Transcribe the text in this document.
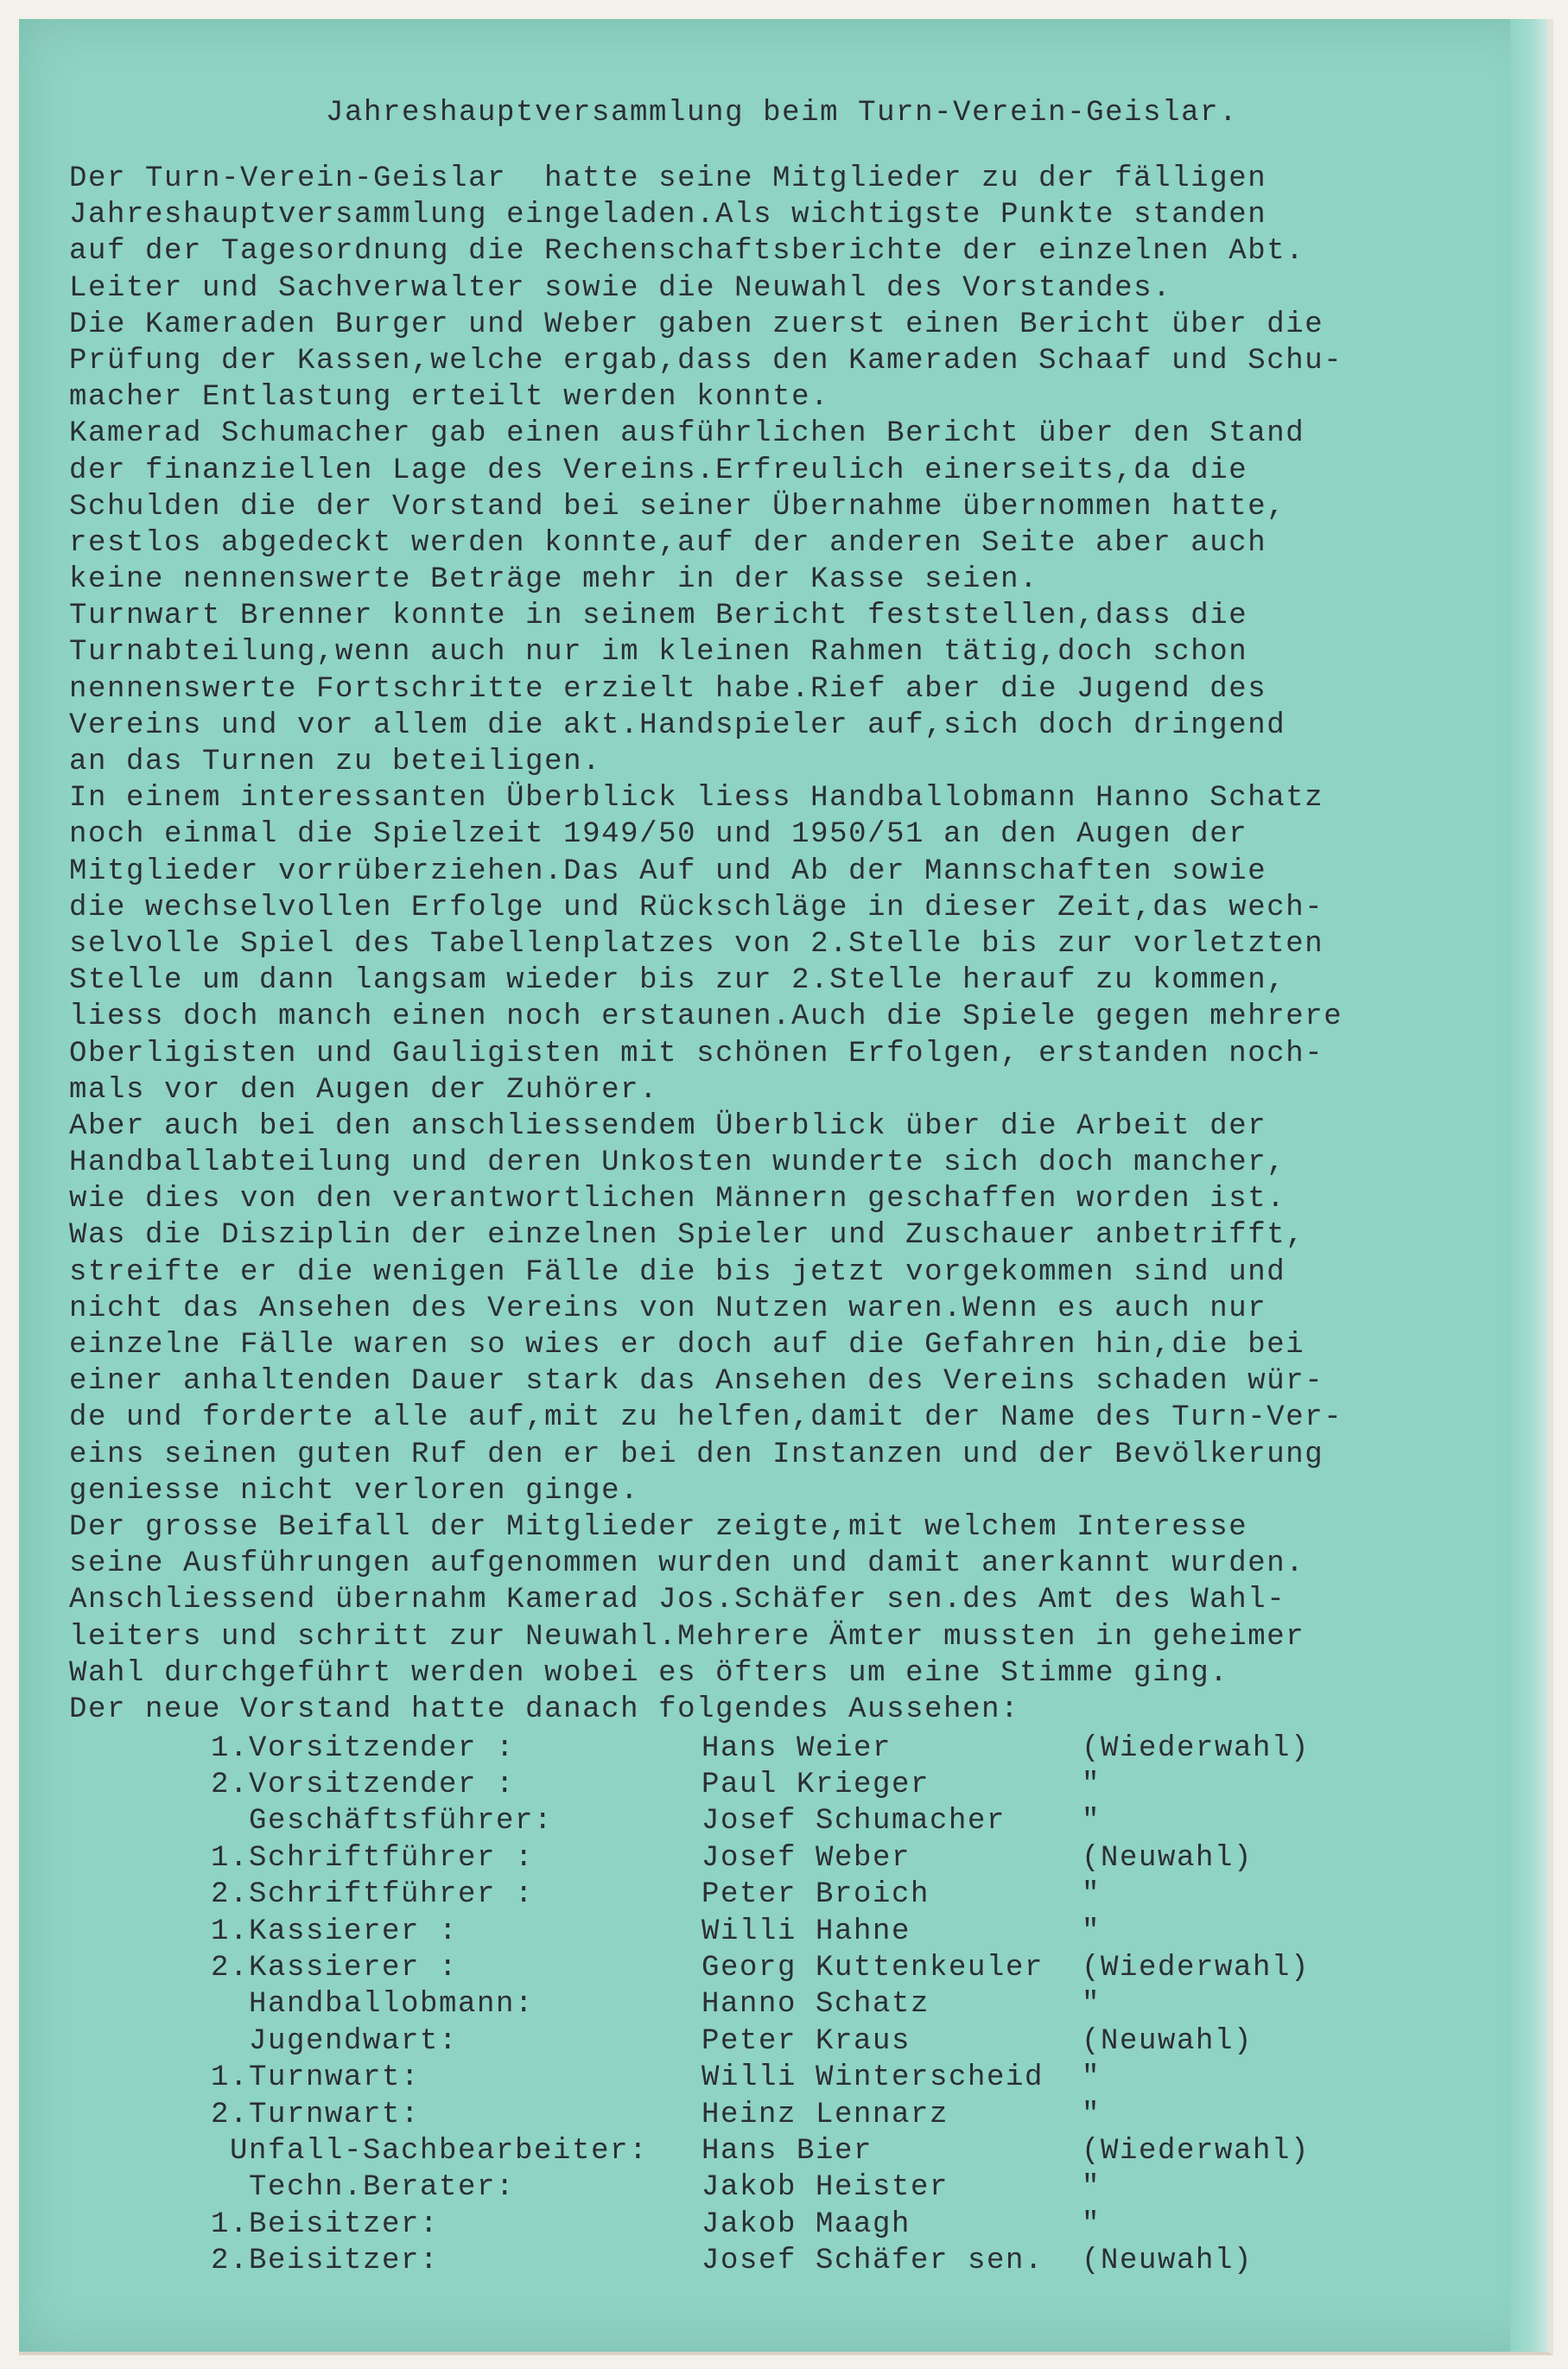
Jahreshauptversammlung beim Turn-Verein-Geislar.
Der Turn-Verein-Geislar  hatte seine Mitglieder zu der fälligen
Jahreshauptversammlung eingeladen.Als wichtigste Punkte standen
auf der Tagesordnung die Rechenschaftsberichte der einzelnen Abt.
Leiter und Sachverwalter sowie die Neuwahl des Vorstandes.
Die Kameraden Burger und Weber gaben zuerst einen Bericht über die
Prüfung der Kassen,welche ergab,dass den Kameraden Schaaf und Schu-
macher Entlastung erteilt werden konnte.
Kamerad Schumacher gab einen ausführlichen Bericht über den Stand
der finanziellen Lage des Vereins.Erfreulich einerseits,da die
Schulden die der Vorstand bei seiner Übernahme übernommen hatte,
restlos abgedeckt werden konnte,auf der anderen Seite aber auch
keine nennenswerte Beträge mehr in der Kasse seien.
Turnwart Brenner konnte in seinem Bericht feststellen,dass die
Turnabteilung,wenn auch nur im kleinen Rahmen tätig,doch schon
nennenswerte Fortschritte erzielt habe.Rief aber die Jugend des
Vereins und vor allem die akt.Handspieler auf,sich doch dringend
an das Turnen zu beteiligen.
In einem interessanten Überblick liess Handballobmann Hanno Schatz
noch einmal die Spielzeit 1949/50 und 1950/51 an den Augen der
Mitglieder vorrüberziehen.Das Auf und Ab der Mannschaften sowie
die wechselvollen Erfolge und Rückschläge in dieser Zeit,das wech-
selvolle Spiel des Tabellenplatzes von 2.Stelle bis zur vorletzten
Stelle um dann langsam wieder bis zur 2.Stelle herauf zu kommen,
liess doch manch einen noch erstaunen.Auch die Spiele gegen mehrere
Oberligisten und Gauligisten mit schönen Erfolgen, erstanden noch-
mals vor den Augen der Zuhörer.
Aber auch bei den anschliessendem Überblick über die Arbeit der
Handballabteilung und deren Unkosten wunderte sich doch mancher,
wie dies von den verantwortlichen Männern geschaffen worden ist.
Was die Disziplin der einzelnen Spieler und Zuschauer anbetrifft,
streifte er die wenigen Fälle die bis jetzt vorgekommen sind und
nicht das Ansehen des Vereins von Nutzen waren.Wenn es auch nur
einzelne Fälle waren so wies er doch auf die Gefahren hin,die bei
einer anhaltenden Dauer stark das Ansehen des Vereins schaden wür-
de und forderte alle auf,mit zu helfen,damit der Name des Turn-Ver-
eins seinen guten Ruf den er bei den Instanzen und der Bevölkerung
geniesse nicht verloren ginge.
Der grosse Beifall der Mitglieder zeigte,mit welchem Interesse
seine Ausführungen aufgenommen wurden und damit anerkannt wurden.
Anschliessend übernahm Kamerad Jos.Schäfer sen.des Amt des Wahl-
leiters und schritt zur Neuwahl.Mehrere Ämter mussten in geheimer
Wahl durchgeführt werden wobei es öfters um eine Stimme ging.
Der neue Vorstand hatte danach folgendes Aussehen:
1.Vorsitzender :	Hans Weier	(Wiederwahl)
2.Vorsitzender :	Paul Krieger	"
Geschäftsführer:	Josef Schumacher	"
1.Schriftführer :	Josef Weber	(Neuwahl)
2.Schriftführer :	Peter Broich	"
1.Kassierer :	Willi Hahne	"
2.Kassierer :	Georg Kuttenkeuler (Wiederwahl)
Handballobmann:	Hanno Schatz	"
Jugendwart:	Peter Kraus	(Neuwahl)
1.Turnwart:	Willi Winterscheid "
2.Turnwart:	Heinz Lennarz	"
Unfall-Sachbearbeiter: Hans Bier	(Wiederwahl)
Techn.Berater:	Jakob Heister	"
1.Beisitzer:	Jakob Maagh	"
2.Beisitzer:	Josef Schäfer sen. (Neuwahl)
